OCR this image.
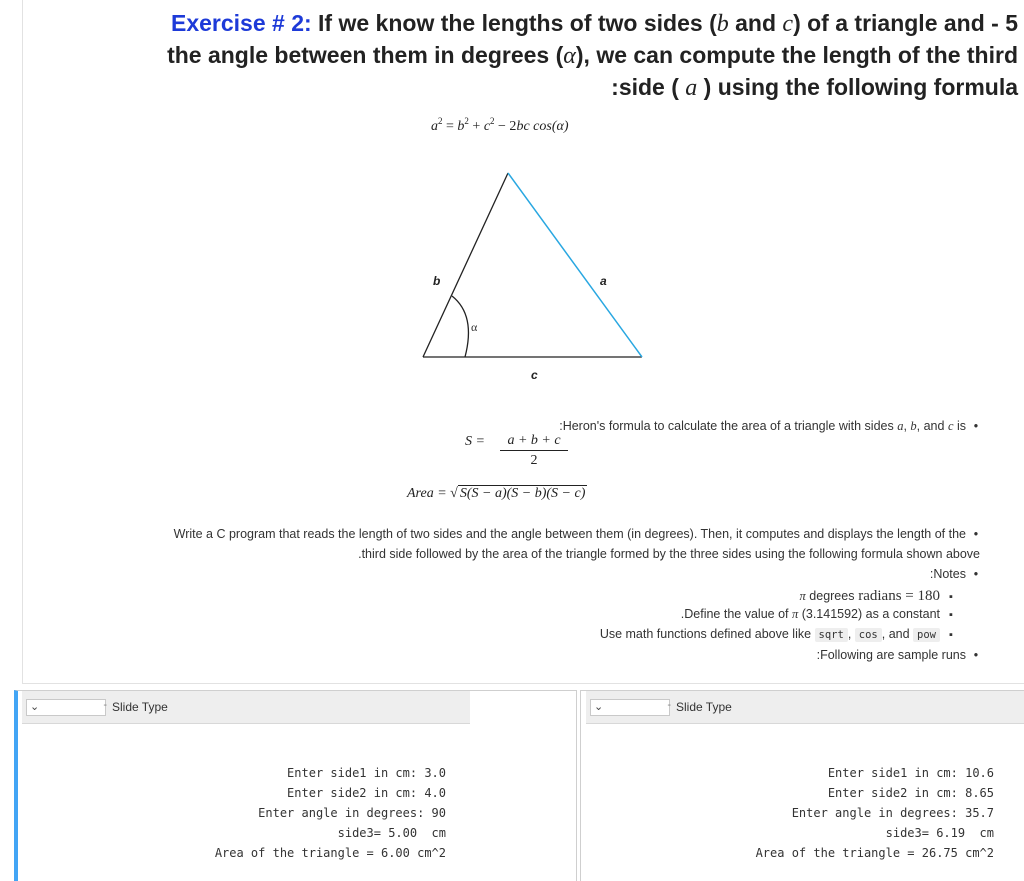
Exercise # 2: If we know the lengths of two sides (b and c) of a triangle and - 5
the angle between them in degrees (α), we can compute the length of the third
:side ( a ) using the following formula
$a^2 = b^2 + c^2 - 2bc$ cos(α)
b	a
c
α
•:Heron's formula to calculate the area of a triangle with sides a, b, and c is
$S = \frac{a + b + c}{2}$
Area = √ S(S − a)(S − b)(S − c)
•Write a C program that reads the length of two sides and the angle between them (in degrees). Then, it computes and displays the length of the
.third side followed by the area of the triangle formed by the three sides using the following formula shown above
•:Notes
▪π degrees radians = 180
▪.Define the value of π (3.141592) as a constant
▪Use math functions defined above like sqrt , cos , and pow
•:Following are sample runs
⌄	- Slide Type
Enter side1 in cm: 3.0
Enter side2 in cm: 4.0
Enter angle in degrees: 90
side3= 5.00  cm
Area of the triangle = 6.00 cm^2
⌄	- Slide Type
Enter side1 in cm: 10.6
Enter side2 in cm: 8.65
Enter angle in degrees: 35.7
side3= 6.19  cm
Area of the triangle = 26.75 cm^2
